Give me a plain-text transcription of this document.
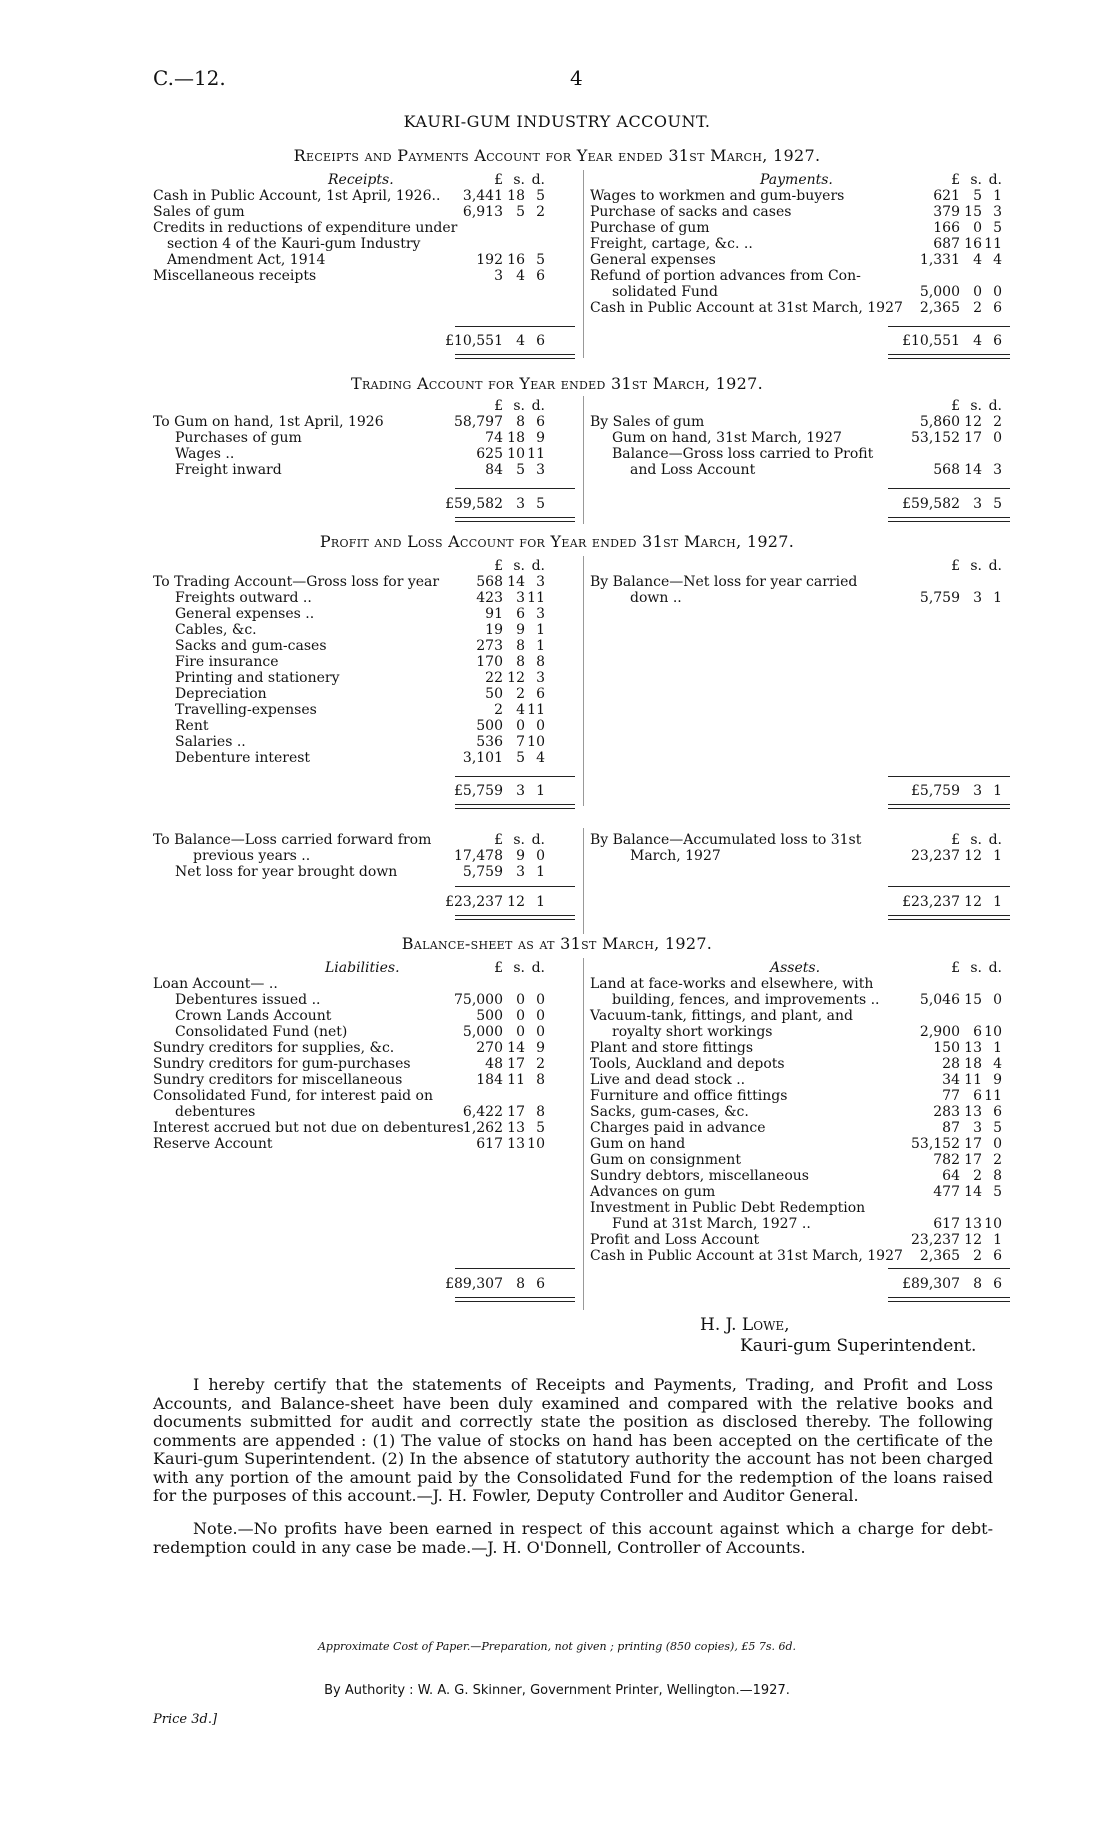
C.—12.	4
KAURI-GUM INDUSTRY ACCOUNT.
Receipts and Payments Account for Year ended 31st March, 1927.
Receipts.	£ s. d.
Cash in Public Account, 1st April, 1926..	3,441 18 5
Sales of gum	6,913 5 2
Credits in reductions of expenditure under
section 4 of the Kauri-gum Industry
Amendment Act, 1914	192 16 5
Miscellaneous receipts	3 4 6
Payments.	£ s. d.
Wages to workmen and gum-buyers	621 5 1
Purchase of sacks and cases	379 15 3
Purchase of gum	166 0 5
Freight, cartage, &c. ..	687 16 11
General expenses	1,331 4 4
Refund of portion advances from Con-
solidated Fund	5,000 0 0
Cash in Public Account at 31st March, 1927	2,365 2 6
£10,551 4 6	£10,551 4 6
Trading Account for Year ended 31st March, 1927.
£ s. d.
To Gum on hand, 1st April, 1926	58,797 8 6
Purchases of gum	74 18 9
Wages ..	625 10 11
Freight inward	84 5 3
£ s. d.
By Sales of gum	5,860 12 2
Gum on hand, 31st March, 1927	53,152 17 0
Balance—Gross loss carried to Profit
and Loss Account	568 14 3
£59,582 3 5	£59,582 3 5
Profit and Loss Account for Year ended 31st March, 1927.
£ s. d.
To Trading Account—Gross loss for year	568 14 3
Freights outward ..	423 3 11
General expenses ..	91 6 3
Cables, &c.	19 9 1
Sacks and gum-cases	273 8 1
Fire insurance	170 8 8
Printing and stationery	22 12 3
Depreciation	50 2 6
Travelling-expenses	2 4 11
Rent	500 0 0
Salaries ..	536 7 10
Debenture interest	3,101 5 4
£ s. d.
By Balance—Net loss for year carried
down ..	5,759 3 1
£5,759 3 1	£5,759 3 1
To Balance—Loss carried forward from
previous years ..	17,478 9 0
Net loss for year brought down	5,759 3 1
£ s. d.	By Balance—Accumulated loss to 31st
March, 1927	23,237 12 1
£ s. d.
£23,237 12 1	£23,237 12 1
Balance-sheet as at 31st March, 1927.
Liabilities.	£ s. d.
Loan Account— ..
Debentures issued ..	75,000 0 0
Crown Lands Account	500 0 0
Consolidated Fund (net)	5,000 0 0
Sundry creditors for supplies, &c.	270 14 9
Sundry creditors for gum-purchases	48 17 2
Sundry creditors for miscellaneous	184 11 8
Consolidated Fund, for interest paid on
debentures	6,422 17 8
Interest accrued but not due on debentures 1,262 13 5
Reserve Account	617 13 10
Assets.	£ s. d.
Land at face-works and elsewhere, with
building, fences, and improvements ..	5,046 15 0
Vacuum-tank, fittings, and plant, and
royalty short workings	2,900 6 10
Plant and store fittings	150 13 1
Tools, Auckland and depots	28 18 4
Live and dead stock ..	34 11 9
Furniture and office fittings	77 6 11
Sacks, gum-cases, &c.	283 13 6
Charges paid in advance	87 3 5
Gum on hand	53,152 17 0
Gum on consignment	782 17 2
Sundry debtors, miscellaneous	64 2 8
Advances on gum	477 14 5
Investment in Public Debt Redemption
Fund at 31st March, 1927 ..	617 13 10
Profit and Loss Account	23,237 12 1
Cash in Public Account at 31st March, 1927	2,365 2 6
£89,307 8 6	£89,307 8 6
H. J. Lowe,
Kauri-gum Superintendent.
I hereby certify that the statements of Receipts and Payments, Trading, and Profit and Loss Accounts, and Balance-sheet have been duly examined and compared with the relative books and documents submitted for audit and correctly state the position as disclosed thereby. The following comments are appended : (1) The value of stocks on hand has been accepted on the certificate of the Kauri-gum Superintendent. (2) In the absence of statutory authority the account has not been charged with any portion of the amount paid by the Consolidated Fund for the redemption of the loans raised for the purposes of this account.—J. H. Fowler, Deputy Controller and Auditor General.
Note.—No profits have been earned in respect of this account against which a charge for debt-redemption could in any case be made.—J. H. O'Donnell, Controller of Accounts.
Approximate Cost of Paper.—Preparation, not given ; printing (850 copies), £5 7s. 6d.
By Authority : W. A. G. Skinner, Government Printer, Wellington.—1927.
Price 3d.]
